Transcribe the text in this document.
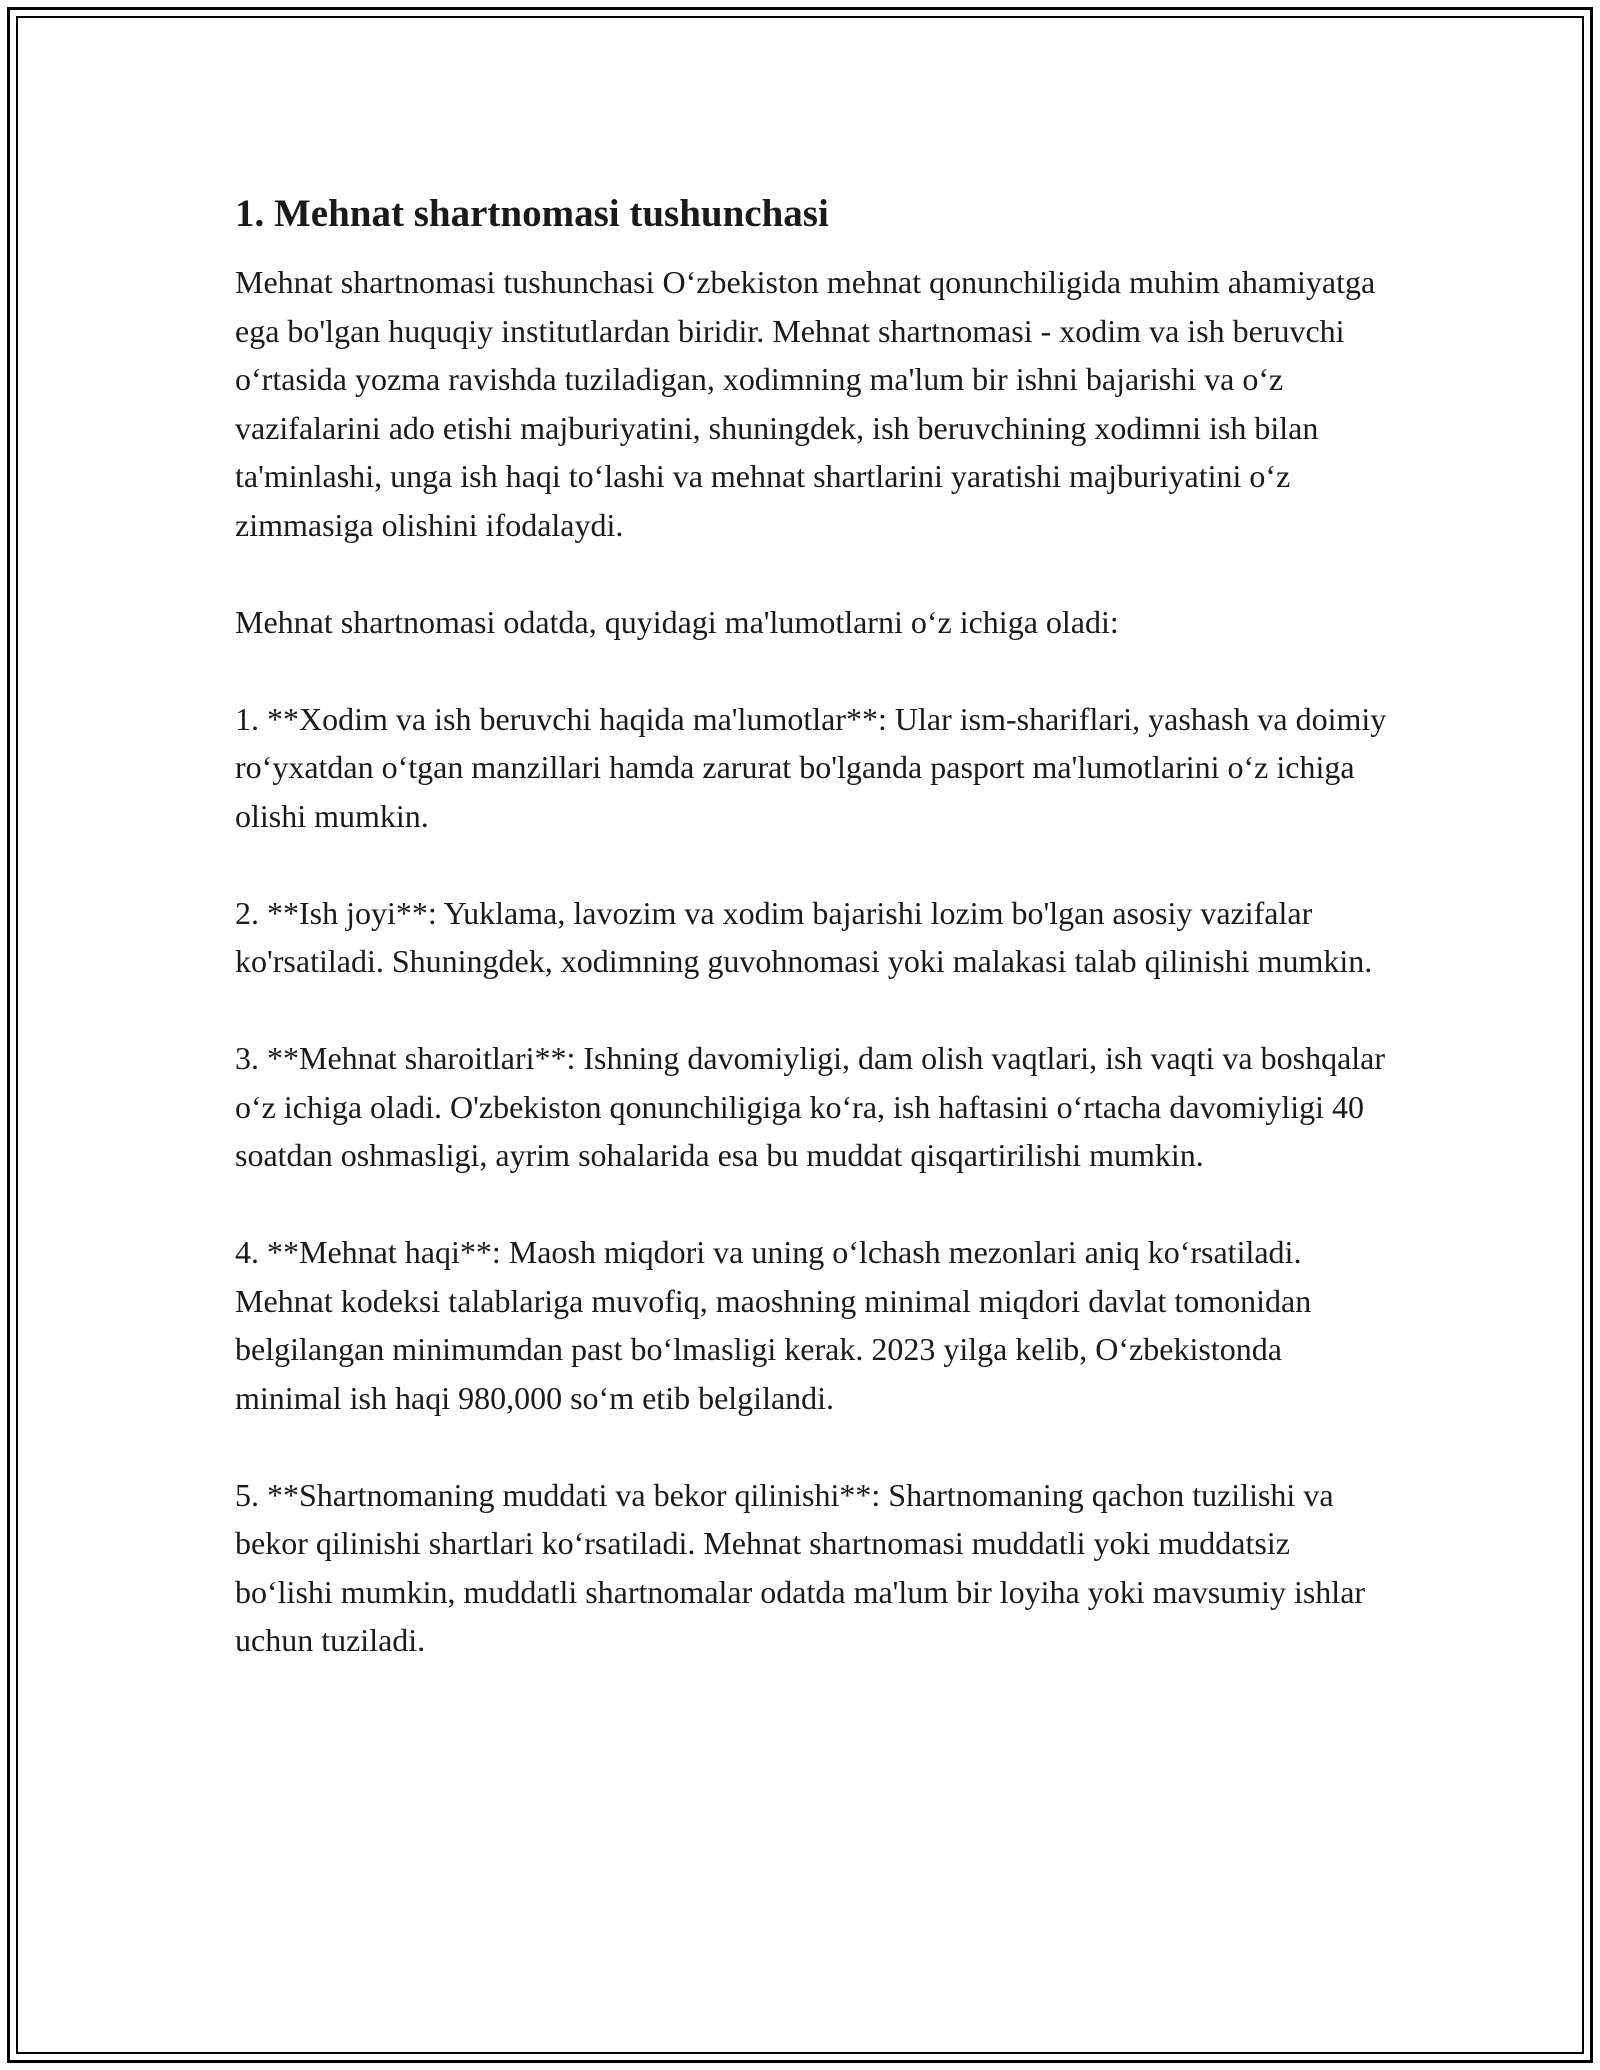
1. Mehnat shartnomasi tushunchasi

Mehnat shartnomasi tushunchasi O‘zbekiston mehnat qonunchiligida muhim ahamiyatga ega bo'lgan huquqiy institutlardan biridir. Mehnat shartnomasi - xodim va ish beruvchi o‘rtasida yozma ravishda tuziladigan, xodimning ma'lum bir ishni bajarishi va o‘z vazifalarini ado etishi majburiyatini, shuningdek, ish beruvchining xodimni ish bilan ta'minlashi, unga ish haqi to‘lashi va mehnat shartlarini yaratishi majburiyatini o‘z zimmasiga olishini ifodalaydi.

Mehnat shartnomasi odatda, quyidagi ma'lumotlarni o‘z ichiga oladi:

1. **Xodim va ish beruvchi haqida ma'lumotlar**: Ular ism-shariflari, yashash va doimiy ro‘yxatdan o‘tgan manzillari hamda zarurat bo'lganda pasport ma'lumotlarini o‘z ichiga olishi mumkin.

2. **Ish joyi**: Yuklama, lavozim va xodim bajarishi lozim bo'lgan asosiy vazifalar ko'rsatiladi. Shuningdek, xodimning guvohnomasi yoki malakasi talab qilinishi mumkin.

3. **Mehnat sharoitlari**: Ishning davomiyligi, dam olish vaqtlari, ish vaqti va boshqalar o‘z ichiga oladi. O'zbekiston qonunchiligiga ko‘ra, ish haftasini o‘rtacha davomiyligi 40 soatdan oshmasligi, ayrim sohalarida esa bu muddat qisqartirilishi mumkin.

4. **Mehnat haqi**: Maosh miqdori va uning o‘lchash mezonlari aniq ko‘rsatiladi. Mehnat kodeksi talablariga muvofiq, maoshning minimal miqdori davlat tomonidan belgilangan minimumdan past bo‘lmasligi kerak. 2023 yilga kelib, O‘zbekistonda minimal ish haqi 980,000 so‘m etib belgilandi.

5. **Shartnomaning muddati va bekor qilinishi**: Shartnomaning qachon tuzilishi va bekor qilinishi shartlari ko‘rsatiladi. Mehnat shartnomasi muddatli yoki muddatsiz bo‘lishi mumkin, muddatli shartnomalar odatda ma'lum bir loyiha yoki mavsumiy ishlar uchun tuziladi.
